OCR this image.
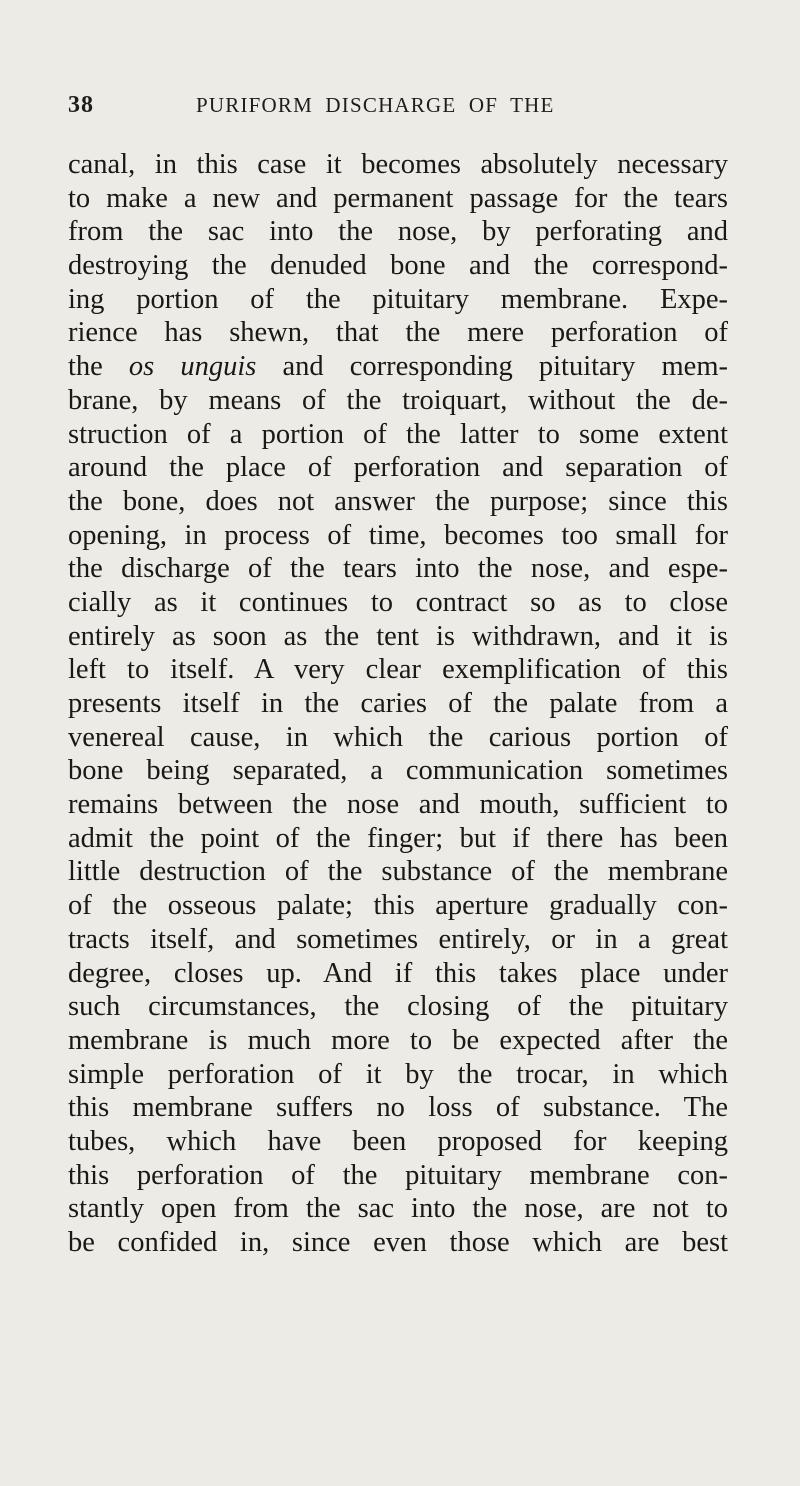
38	PURIFORM DISCHARGE OF THE
canal, in this case it becomes absolutely necessary
to make a new and permanent passage for the tears
from the sac into the nose, by perforating and
destroying the denuded bone and the correspond-
ing portion of the pituitary membrane. Expe-
rience has shewn, that the mere perforation of
the os unguis and corresponding pituitary mem-
brane, by means of the troiquart, without the de-
struction of a portion of the latter to some extent
around the place of perforation and separation of
the bone, does not answer the purpose; since this
opening, in process of time, becomes too small for
the discharge of the tears into the nose, and espe-
cially as it continues to contract so as to close
entirely as soon as the tent is withdrawn, and it is
left to itself. A very clear exemplification of this
presents itself in the caries of the palate from a
venereal cause, in which the carious portion of
bone being separated, a communication sometimes
remains between the nose and mouth, sufficient to
admit the point of the finger; but if there has been
little destruction of the substance of the membrane
of the osseous palate; this aperture gradually con-
tracts itself, and sometimes entirely, or in a great
degree, closes up. And if this takes place under
such circumstances, the closing of the pituitary
membrane is much more to be expected after the
simple perforation of it by the trocar, in which
this membrane suffers no loss of substance. The
tubes, which have been proposed for keeping
this perforation of the pituitary membrane con-
stantly open from the sac into the nose, are not to
be confided in, since even those which are best
